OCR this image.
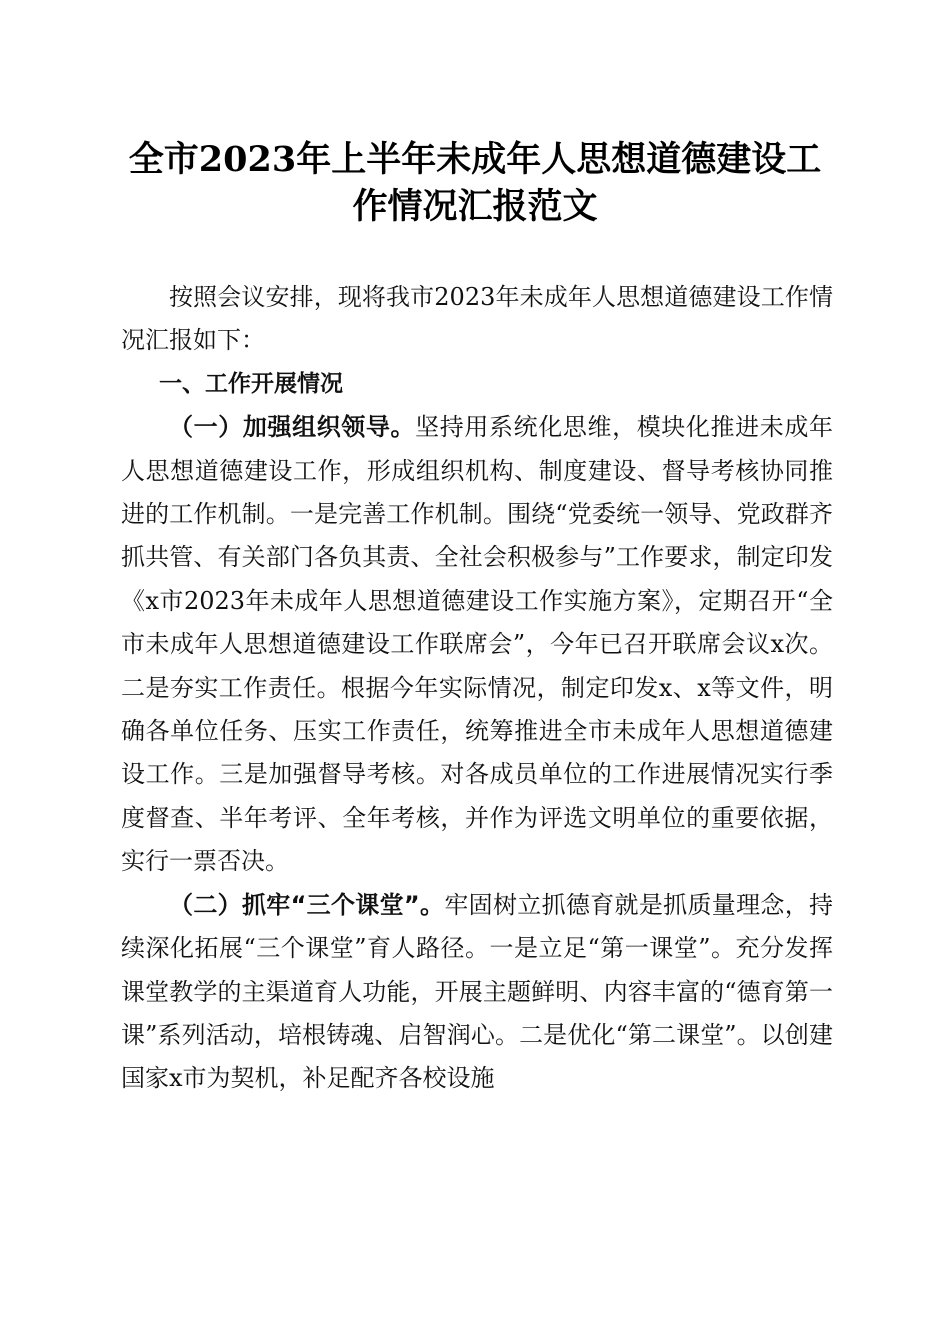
全市2023年上半年未成年人思想道德建设工
作情况汇报范文

按照会议安排，现将我市2023年未成年人思想道德建设工作情况汇报如下：

一、工作开展情况

（一）加强组织领导。坚持用系统化思维，模块化推进未成年人思想道德建设工作，形成组织机构、制度建设、督导考核协同推进的工作机制。一是完善工作机制。围绕“党委统一领导、党政群齐抓共管、有关部门各负其责、全社会积极参与”工作要求，制定印发《x市2023年未成年人思想道德建设工作实施方案》，定期召开“全市未成年人思想道德建设工作联席会”，今年已召开联席会议x次。二是夯实工作责任。根据今年实际情况，制定印发x、x等文件，明确各单位任务、压实工作责任，统筹推进全市未成年人思想道德建设工作。三是加强督导考核。对各成员单位的工作进展情况实行季度督查、半年考评、全年考核，并作为评选文明单位的重要依据，实行一票否决。

（二）抓牢“三个课堂”。牢固树立抓德育就是抓质量理念，持续深化拓展“三个课堂”育人路径。一是立足“第一课堂”。充分发挥课堂教学的主渠道育人功能，开展主题鲜明、内容丰富的“德育第一课”系列活动，培根铸魂、启智润心。二是优化“第二课堂”。以创建国家x市为契机，补足配齐各校设施
